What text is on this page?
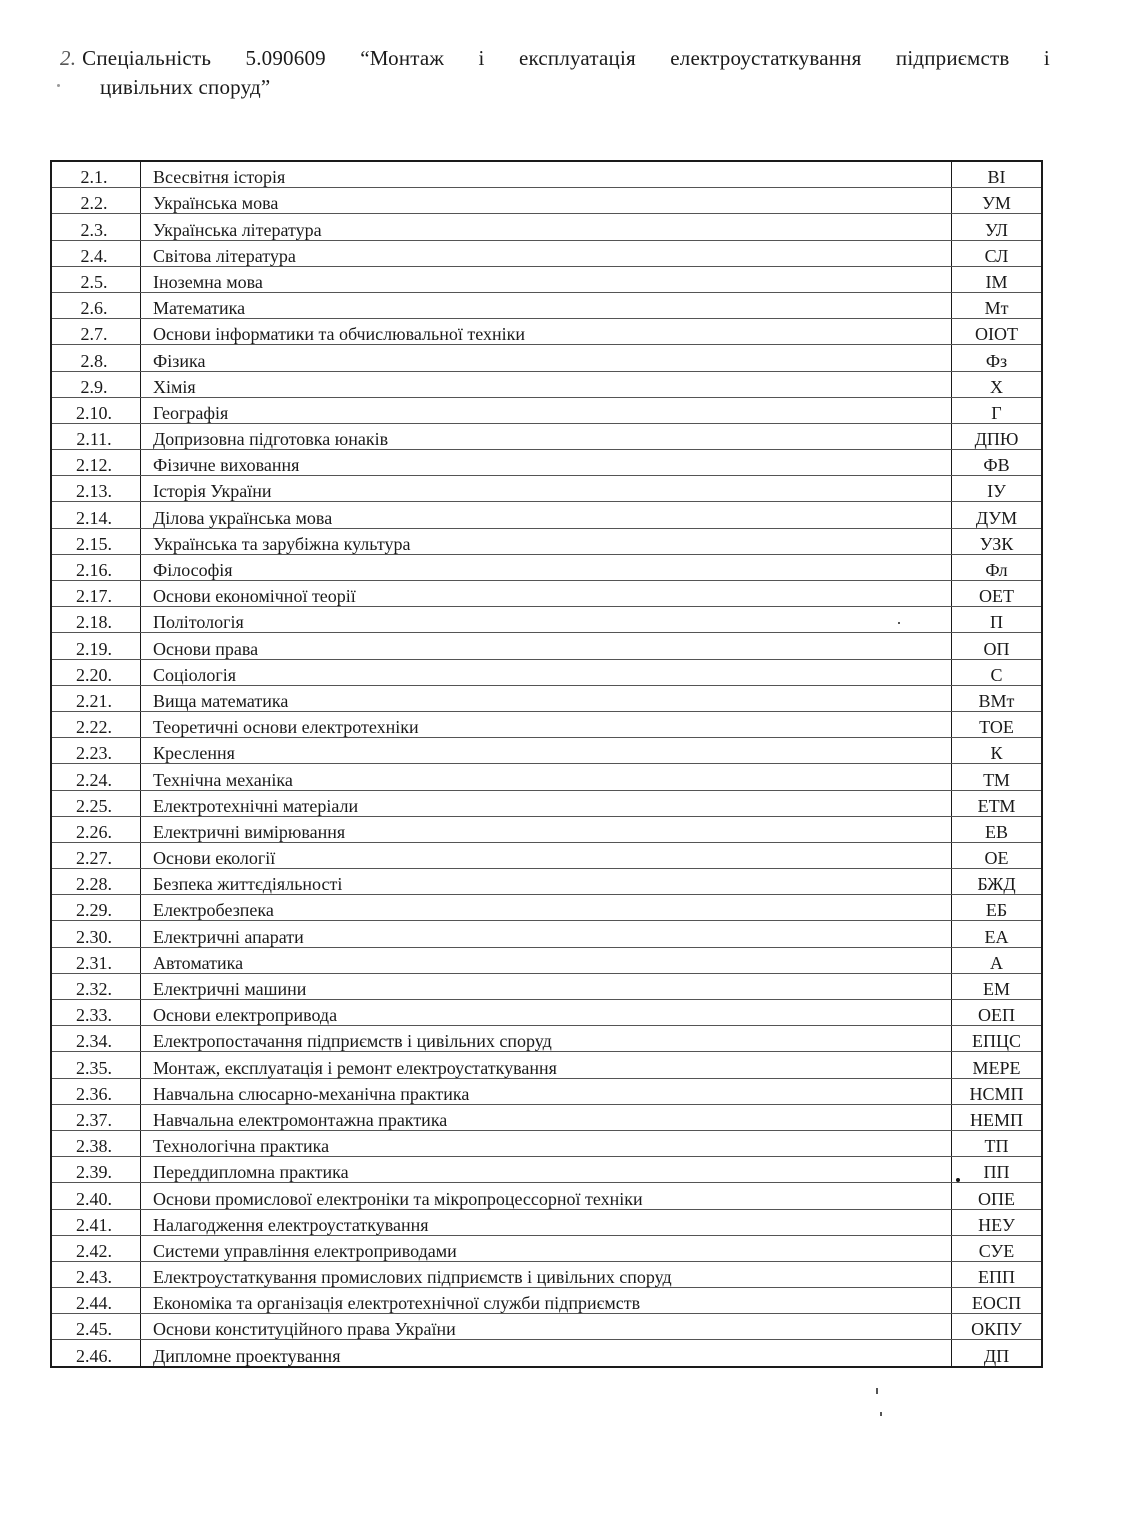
2. Спеціальність 5.090609 “Монтаж і експлуатація електроустаткування підприємств і
цивільних споруд”
2.1.	Всесвітня історія	ВІ
2.2.	Українська мова	УМ
2.3.	Українська література	УЛ
2.4.	Світова література	СЛ
2.5.	Іноземна мова	ІМ
2.6.	Математика	Мт
2.7.	Основи інформатики та обчислювальної техніки	ОІОТ
2.8.	Фізика	Фз
2.9.	Хімія	Х
2.10.	Географія	Г
2.11.	Допризовна підготовка юнаків	ДПЮ
2.12.	Фізичне виховання	ФВ
2.13.	Історія України	ІУ
2.14.	Ділова українська мова	ДУМ
2.15.	Українська та зарубіжна культура	УЗК
2.16.	Філософія	Фл
2.17.	Основи економічної теорії	ОЕТ
2.18.	Політологія	П
2.19.	Основи права	ОП
2.20.	Соціологія	С
2.21.	Вища математика	ВМт
2.22.	Теоретичні основи електротехніки	ТОЕ
2.23.	Креслення	К
2.24.	Технічна механіка	ТМ
2.25.	Електротехнічні матеріали	ЕТМ
2.26.	Електричні вимірювання	ЕВ
2.27.	Основи екології	ОЕ
2.28.	Безпека життєдіяльності	БЖД
2.29.	Електробезпека	ЕБ
2.30.	Електричні апарати	ЕА
2.31.	Автоматика	А
2.32.	Електричні машини	ЕМ
2.33.	Основи електропривода	ОЕП
2.34.	Електропостачання підприємств і цивільних споруд	ЕПЦС
2.35.	Монтаж, експлуатація і ремонт електроустаткування	МЕРЕ
2.36.	Навчальна слюсарно-механічна практика	НСМП
2.37.	Навчальна електромонтажна практика	НЕМП
2.38.	Технологічна практика	ТП
2.39.	Переддипломна практика	ПП
2.40.	Основи промислової електроніки та мікропроцессорної техніки	ОПЕ
2.41.	Налагодження електроустаткування	НЕУ
2.42.	Системи управління електроприводами	СУЕ
2.43.	Електроустаткування промислових підприємств і цивільних споруд	ЕПП
2.44.	Економіка та організація електротехнічної служби підприємств	ЕОСП
2.45.	Основи конституційного права України	ОКПУ
2.46.	Дипломне проектування	ДП
